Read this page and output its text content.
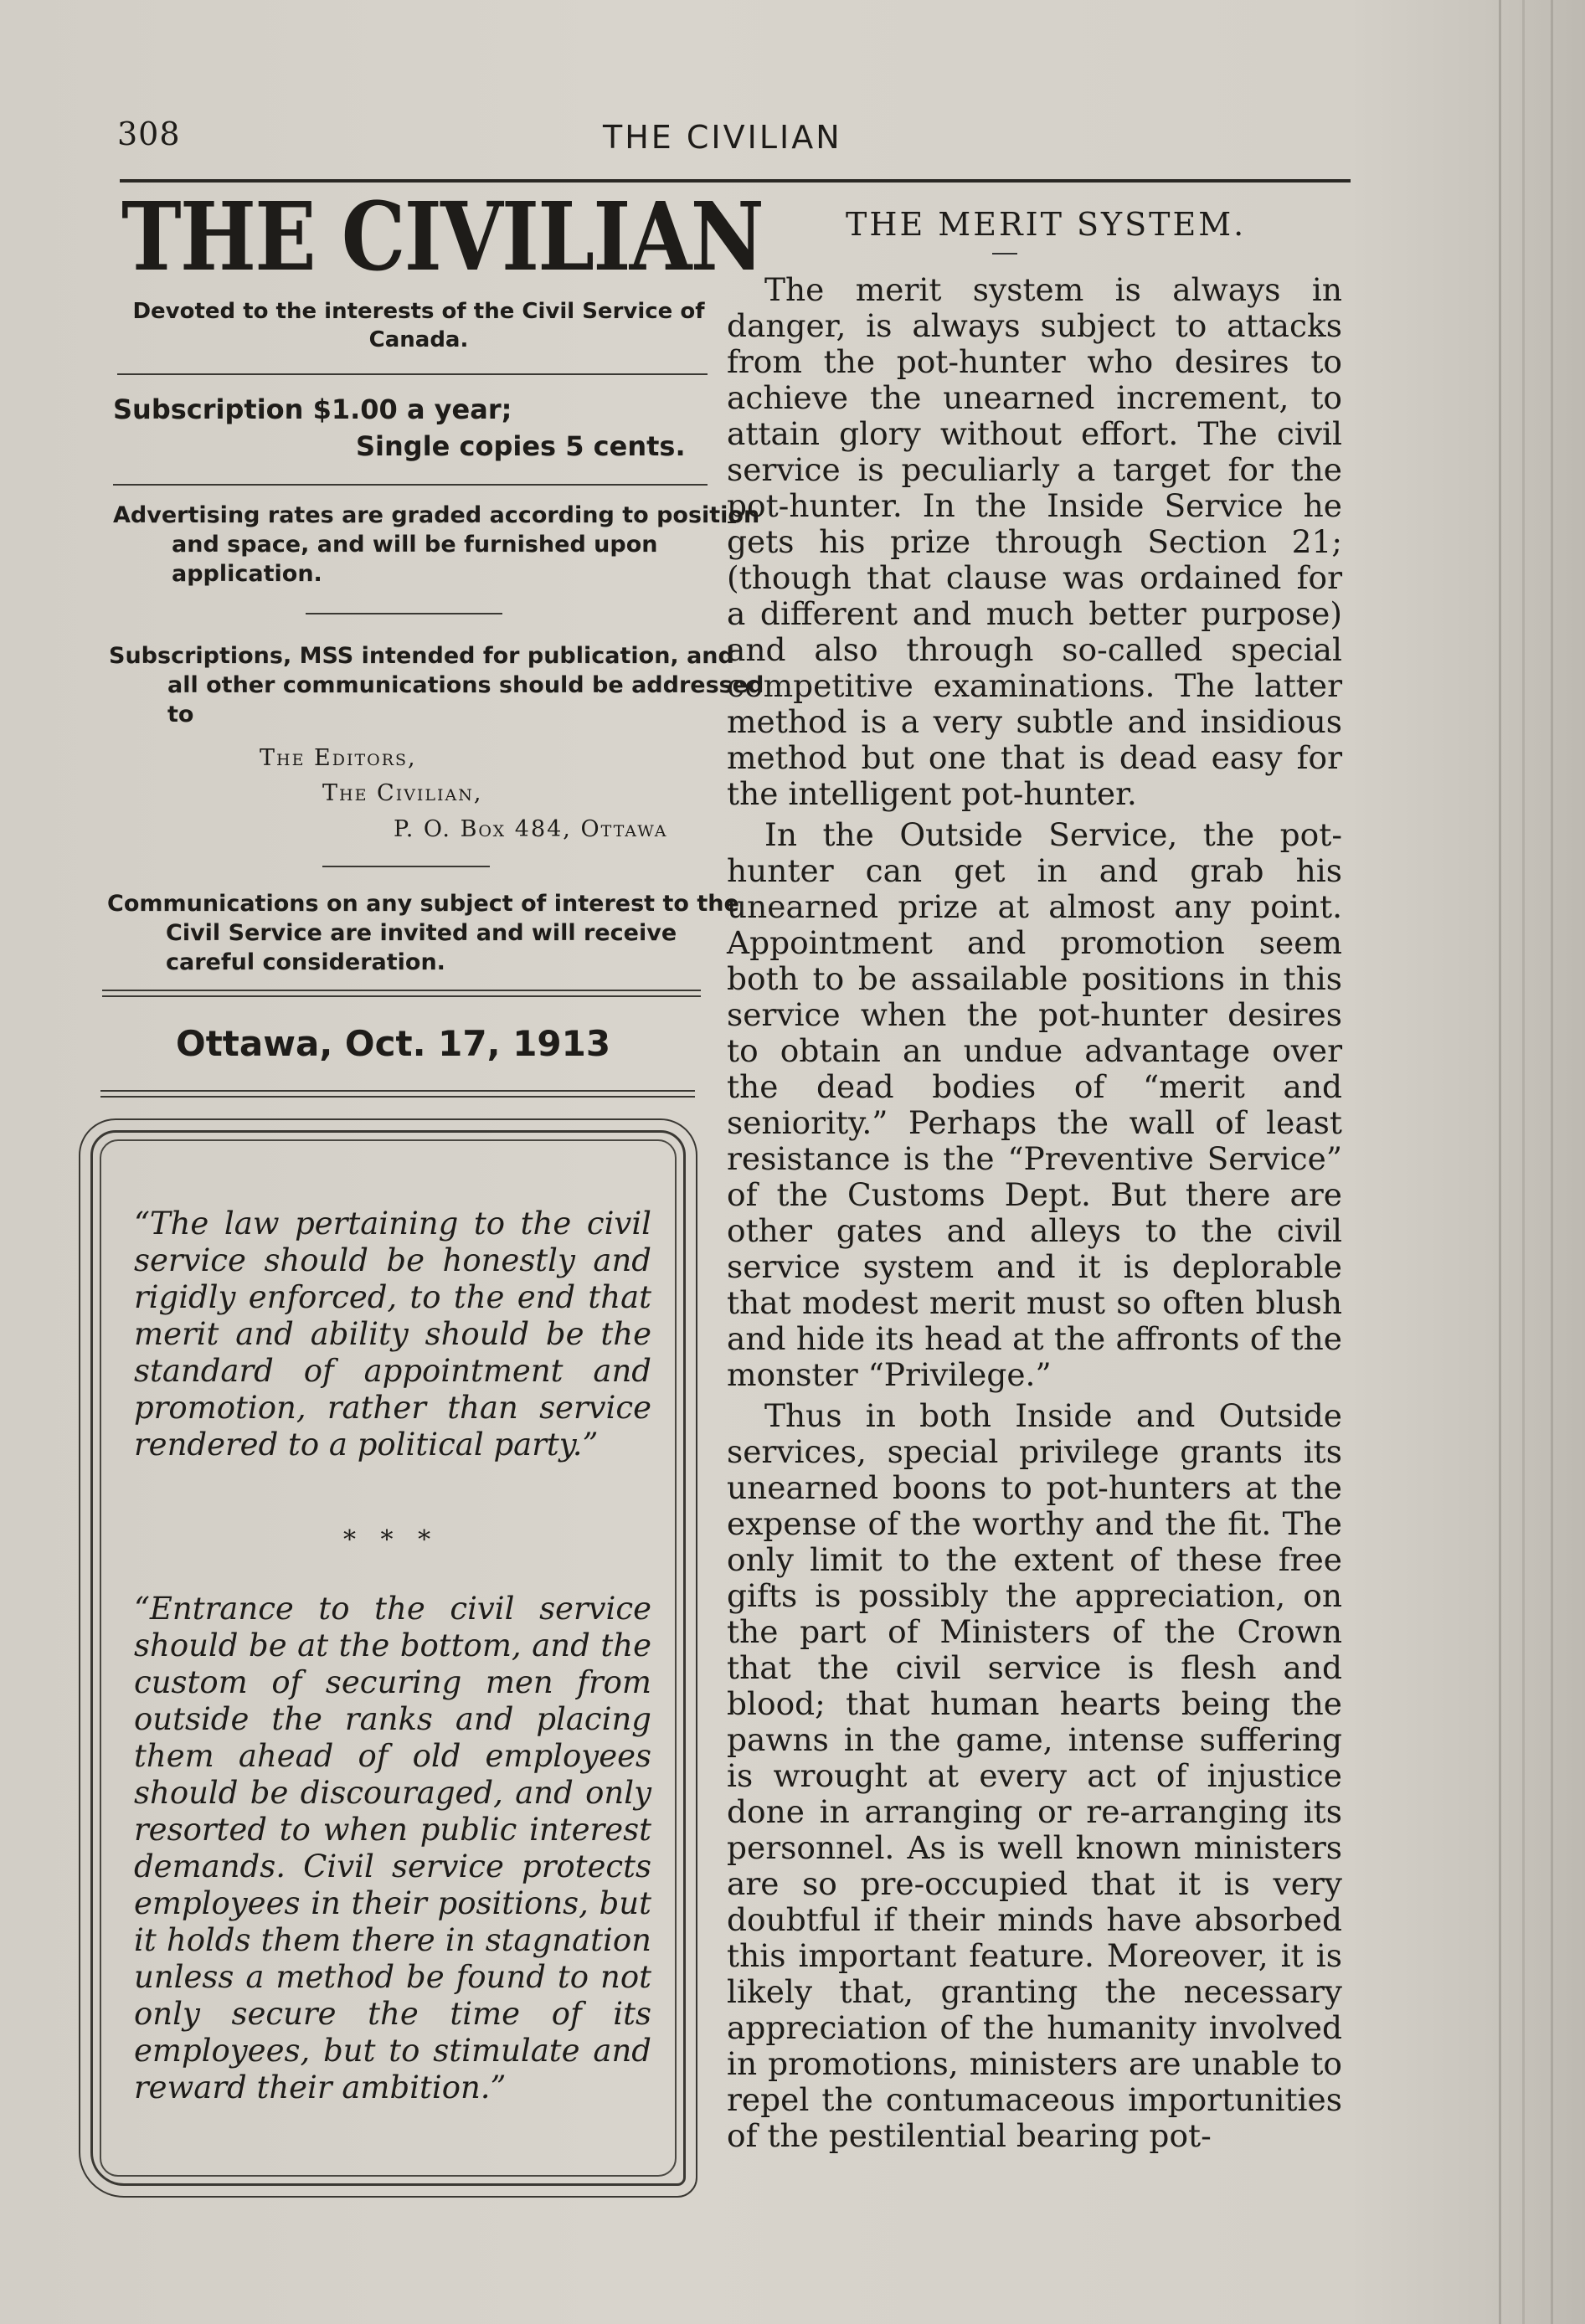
308	THE CIVILIAN
THE CIVILIAN
Devoted to the interests of the Civil Service of Canada.
Subscription $1.00 a year;
Single copies 5 cents.
Advertising rates are graded according to position and space, and will be furnished upon application.
Subscriptions, MSS intended for publication, and all other communications should be addressed to
The Editors,
The Civilian,
P. O. Box 484, Ottawa
Communications on any subject of interest to the Civil Service are invited and will receive careful consideration.
Ottawa, Oct. 17, 1913
“The law pertaining to the civil service should be honestly and rigidly enforced, to the end that merit and ability should be the standard of appointment and promotion, rather than service rendered to a political party.”
* * *
“Entrance to the civil service should be at the bottom, and the custom of securing men from outside the ranks and placing them ahead of old employees should be discouraged, and only resorted to when public interest demands. Civil service protects employees in their positions, but it holds them there in stagnation unless a method be found to not only secure the time of its employees, but to stimulate and reward their ambition.”
THE MERIT SYSTEM.

The merit system is always in danger, is always subject to attacks from the pot-hunter who desires to achieve the unearned increment, to attain glory without effort. The civil service is peculiarly a target for the pot-hunter. In the Inside Service he gets his prize through Section 21; (though that clause was ordained for a different and much better purpose) and also through so-called special competitive examinations. The latter method is a very subtle and insidious method but one that is dead easy for the intelligent pot-hunter.

In the Outside Service, the pot-hunter can get in and grab his unearned prize at almost any point. Appointment and promotion seem both to be assailable positions in this service when the pot-hunter desires to obtain an undue advantage over the dead bodies of “merit and seniority.” Perhaps the wall of least resistance is the “Preventive Service” of the Customs Dept. But there are other gates and alleys to the civil service system and it is deplorable that modest merit must so often blush and hide its head at the affronts of the monster “Privilege.”

Thus in both Inside and Outside services, special privilege grants its unearned boons to pot-hunters at the expense of the worthy and the fit. The only limit to the extent of these free gifts is possibly the appreciation, on the part of Ministers of the Crown that the civil service is flesh and blood; that human hearts being the pawns in the game, intense suffering is wrought at every act of injustice done in arranging or re-arranging its personnel. As is well known ministers are so pre-occupied that it is very doubtful if their minds have absorbed this important feature. Moreover, it is likely that, granting the necessary appreciation of the humanity involved in promotions, ministers are unable to repel the contumaceous importunities of the pestilential bearing pot-
